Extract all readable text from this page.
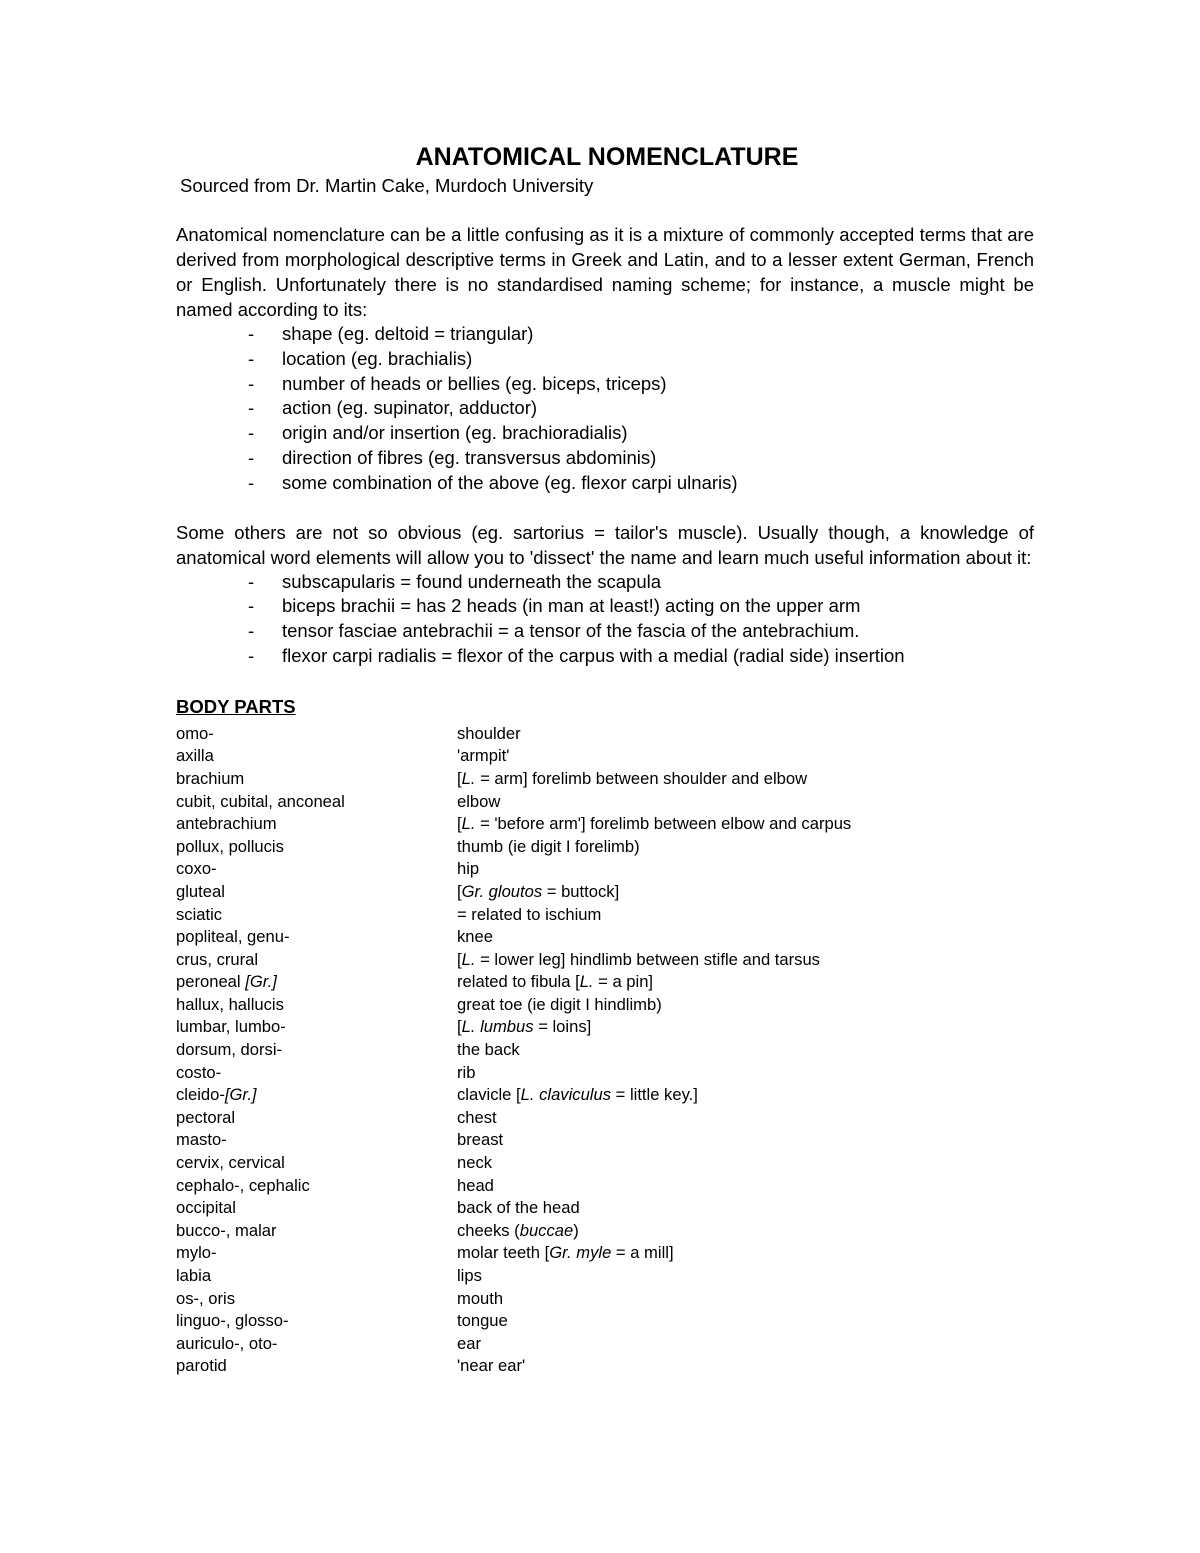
ANATOMICAL NOMENCLATURE

Sourced from Dr. Martin Cake, Murdoch University

Anatomical nomenclature can be a little confusing as it is a mixture of commonly accepted terms that are derived from morphological descriptive terms in Greek and Latin, and to a lesser extent German, French or English. Unfortunately there is no standardised naming scheme; for instance, a muscle might be named according to its:

- shape (eg. deltoid = triangular)
- location (eg. brachialis)
- number of heads or bellies (eg. biceps, triceps)
- action (eg. supinator, adductor)
- origin and/or insertion (eg. brachioradialis)
- direction of fibres (eg. transversus abdominis)
- some combination of the above (eg. flexor carpi ulnaris)

Some others are not so obvious (eg. sartorius = tailor's muscle). Usually though, a knowledge of anatomical word elements will allow you to 'dissect' the name and learn much useful information about it:

- subscapularis = found underneath the scapula
- biceps brachii = has 2 heads (in man at least!) acting on the upper arm
- tensor fasciae antebrachii = a tensor of the fascia of the antebrachium.
- flexor carpi radialis = flexor of the carpus with a medial (radial side) insertion
BODY PARTS
omo-	shoulder
axilla	'armpit'
brachium	[L. = arm] forelimb between shoulder and elbow
cubit, cubital, anconeal	elbow
antebrachium	[L. = 'before arm'] forelimb between elbow and carpus
pollux, pollucis	thumb (ie digit I forelimb)
coxo-	hip
gluteal	[Gr. gloutos = buttock]
sciatic	= related to ischium
popliteal, genu-	knee
crus, crural	[L. = lower leg] hindlimb between stifle and tarsus
peroneal [Gr.]	related to fibula [L. = a pin]
hallux, hallucis	great toe (ie digit I hindlimb)
lumbar, lumbo-	[L. lumbus = loins]
dorsum, dorsi-	the back
costo-	rib
cleido-[Gr.]	clavicle [L. claviculus = little key.]
pectoral	chest
masto-	breast
cervix, cervical	neck
cephalo-, cephalic	head
occipital	back of the head
bucco-, malar	cheeks (buccae)
mylo-	molar teeth [Gr. myle = a mill]
labia	lips
os-, oris	mouth
linguo-, glosso-	tongue
auriculo-, oto-	ear
parotid	'near ear'
